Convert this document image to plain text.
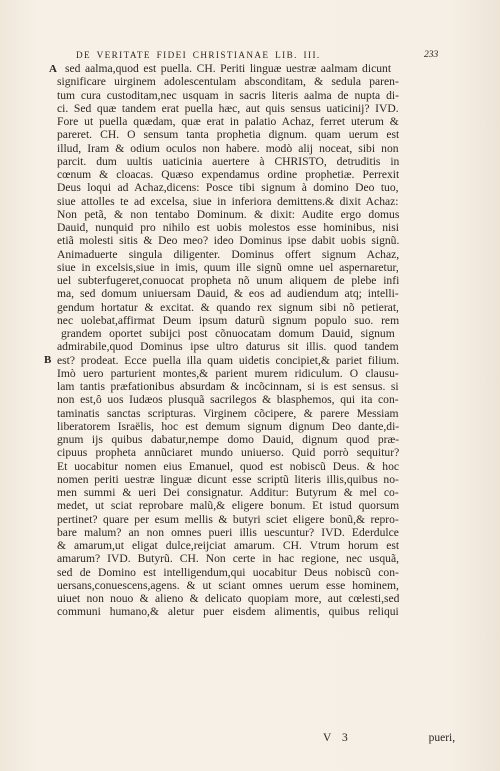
DE VERITATE FIDEI CHRISTIANAE LIB. III.	233
A
B
sed aalma,quod est puella. CH. Periti linguæ uestræ aalmam dicunt
significare uirginem adolescentulam absconditam, & sedula paren-
tum cura custoditam,nec usquam in sacris literis aalma de nupta di-
ci. Sed quæ tandem erat puella hæc, aut quis sensus uaticinij? IVD.
Fore ut puella quædam, quæ erat in palatio Achaz, ferret uterum &
pareret. CH. O sensum tanta prophetia dignum. quam uerum est
illud, Iram & odium oculos non habere. modò alij noceat, sibi non
parcit. dum uultis uaticinia auertere à CHRISTO, detruditis in
cœnum & cloacas. Quæso expendamus ordine prophetiæ. Perrexit
Deus loqui ad Achaz,dicens: Posce tibi signum à domino Deo tuo,
siue attolles te ad excelsa, siue in inferiora demittens.& dixit Achaz:
Non petã, & non tentabo Dominum. & dixit: Audite ergo domus
Dauid, nunquid pro nihilo est uobis molestos esse hominibus, nisi
etiã molesti sitis & Deo meo? ideo Dominus ipse dabit uobis signũ.
Animaduerte singula diligenter. Dominus offert signum Achaz,
siue in excelsis,siue in imis, quum ille signũ omne uel aspernaretur,
uel subterfugeret,conuocat propheta nõ unum aliquem de plebe infi
ma, sed domum uniuersam Dauid, & eos ad audiendum atq; intelli-
gendum hortatur & excitat. & quando rex signum sibi nõ petierat,
nec uolebat,affirmat Deum ipsum daturũ signum populo suo. rem
grandem oportet subijci post cõnuocatam domum Dauid, signum
admirabile,quod Dominus ipse ultro daturus sit illis. quod tandem
est? prodeat. Ecce puella illa quam uidetis concipiet,& pariet filium.
Imò uero parturient montes,& parient murem ridiculum. O clausu-
lam tantis præfationibus absurdam & incõcinnam, si is est sensus. si
non est,ô uos Iudæos plusquã sacrilegos & blasphemos, qui ita con-
taminatis sanctas scripturas. Virginem cõcipere, & parere Messiam
liberatorem Israëlis, hoc est demum signum dignum Deo dante,di-
gnum ijs quibus dabatur,nempe domo Dauid, dignum quod præ-
cipuus propheta annũciaret mundo uniuerso. Quid porrò sequitur?
Et uocabitur nomen eius Emanuel, quod est nobiscũ Deus. & hoc
nomen periti uestræ linguæ dicunt esse scriptũ literis illis,quibus no-
men summi & ueri Dei consignatur. Additur: Butyrum & mel co-
medet, ut sciat reprobare malũ,& eligere bonum. Et istud quorsum
pertinet? quare per esum mellis & butyri sciet eligere bonũ,& repro-
bare malum? an non omnes pueri illis uescuntur? IVD. Ederdulce
& amarum,ut eligat dulce,reijciat amarum. CH. Vtrum horum est
amarum? IVD. Butyrũ. CH. Non certe in hac regione, nec usquã,
sed de Domino est intelligendum,qui uocabitur Deus nobiscũ con-
uersans,conuescens,agens. & ut sciant omnes uerum esse hominem,
uiuet non nouo & alieno & delicato quopiam more, aut cœlesti,sed
communi humano,& aletur puer eisdem alimentis, quibus reliqui
V 3	pueri,
